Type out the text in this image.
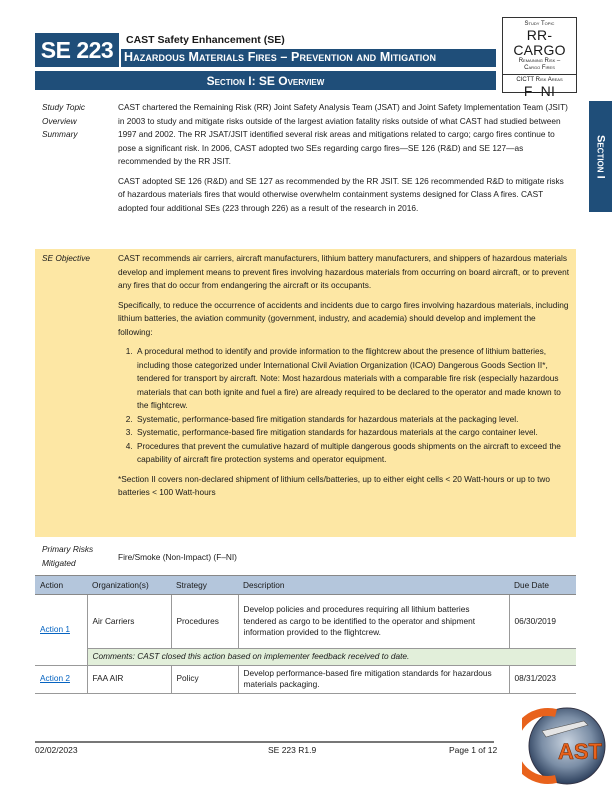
CAST Safety Enhancement (SE)
Hazardous Materials Fires – Prevention and Mitigation
SE 223
Section I: SE Overview
Study Topic
RR-CARGO
Remaining Risk –
Cargo Fires
CICTT Risk Areas
F–NI
Section I
Study Topic
Overview
Summary

CAST chartered the Remaining Risk (RR) Joint Safety Analysis Team (JSAT) and Joint Safety Implementation Team (JSIT) in 2003 to study and mitigate risks outside of the largest aviation fatality risks outside of what CAST had studied between 1997 and 2002. The RR JSAT/JSIT identified several risk areas and mitigations related to cargo; cargo fires continue to pose a significant risk. In 2006, CAST adopted two SEs regarding cargo fires—SE 126 (R&D) and SE 127—as recommended by the RR JSIT.

CAST adopted SE 126 (R&D) and SE 127 as recommended by the RR JSIT. SE 126 recommended R&D to mitigate risks of hazardous materials fires that would otherwise overwhelm containment systems designed for Class A fires. CAST adopted four additional SEs (223 through 226) as a result of the research in 2016.

SE Objective	CAST recommends air carriers, aircraft manufacturers, lithium battery manufacturers, and shippers of hazardous materials develop and implement means to prevent fires involving hazardous materials from occurring on board aircraft, or to prevent any fires that do occur from endangering the aircraft or its occupants.

Specifically, to reduce the occurrence of accidents and incidents due to cargo fires involving hazardous materials, including lithium batteries, the aviation community (government, industry, and academia) should develop and implement the following:

1. A procedural method to identify and provide information to the flightcrew about the presence of lithium batteries, including those categorized under International Civil Aviation Organization (ICAO) Dangerous Goods Section II*, tendered for transport by aircraft. Note: Most hazardous materials with a comparable fire risk (especially hazardous materials that can both ignite and fuel a fire) are already required to be declared to the operator and made known to the flightcrew.
2. Systematic, performance-based fire mitigation standards for hazardous materials at the packaging level.
3. Systematic, performance-based fire mitigation standards for hazardous materials at the cargo container level.
4. Procedures that prevent the cumulative hazard of multiple dangerous goods shipments on the aircraft to exceed the capability of aircraft fire protection systems and operator equipment.

*Section II covers non-declared shipment of lithium cells/batteries, up to either eight cells < 20 Watt-hours or up to two batteries < 100 Watt-hours

Primary Risks
Mitigated
Fire/Smoke (Non-Impact) (F–NI)
Action	Organization(s)	Strategy	Description	Due Date
Action 1	Air Carriers	Procedures	Develop policies and procedures requiring all lithium batteries tendered as cargo to be identified to the operator and shipment information provided to the flightcrew.	06/30/2019
	Comments: CAST closed this action based on implementer feedback received to date.			
Action 2	FAA AIR	Policy	Develop performance-based fire mitigation standards for hazardous materials packaging.	08/31/2023
02/02/2023	SE 223 R1.9	Page 1 of 12	AST
